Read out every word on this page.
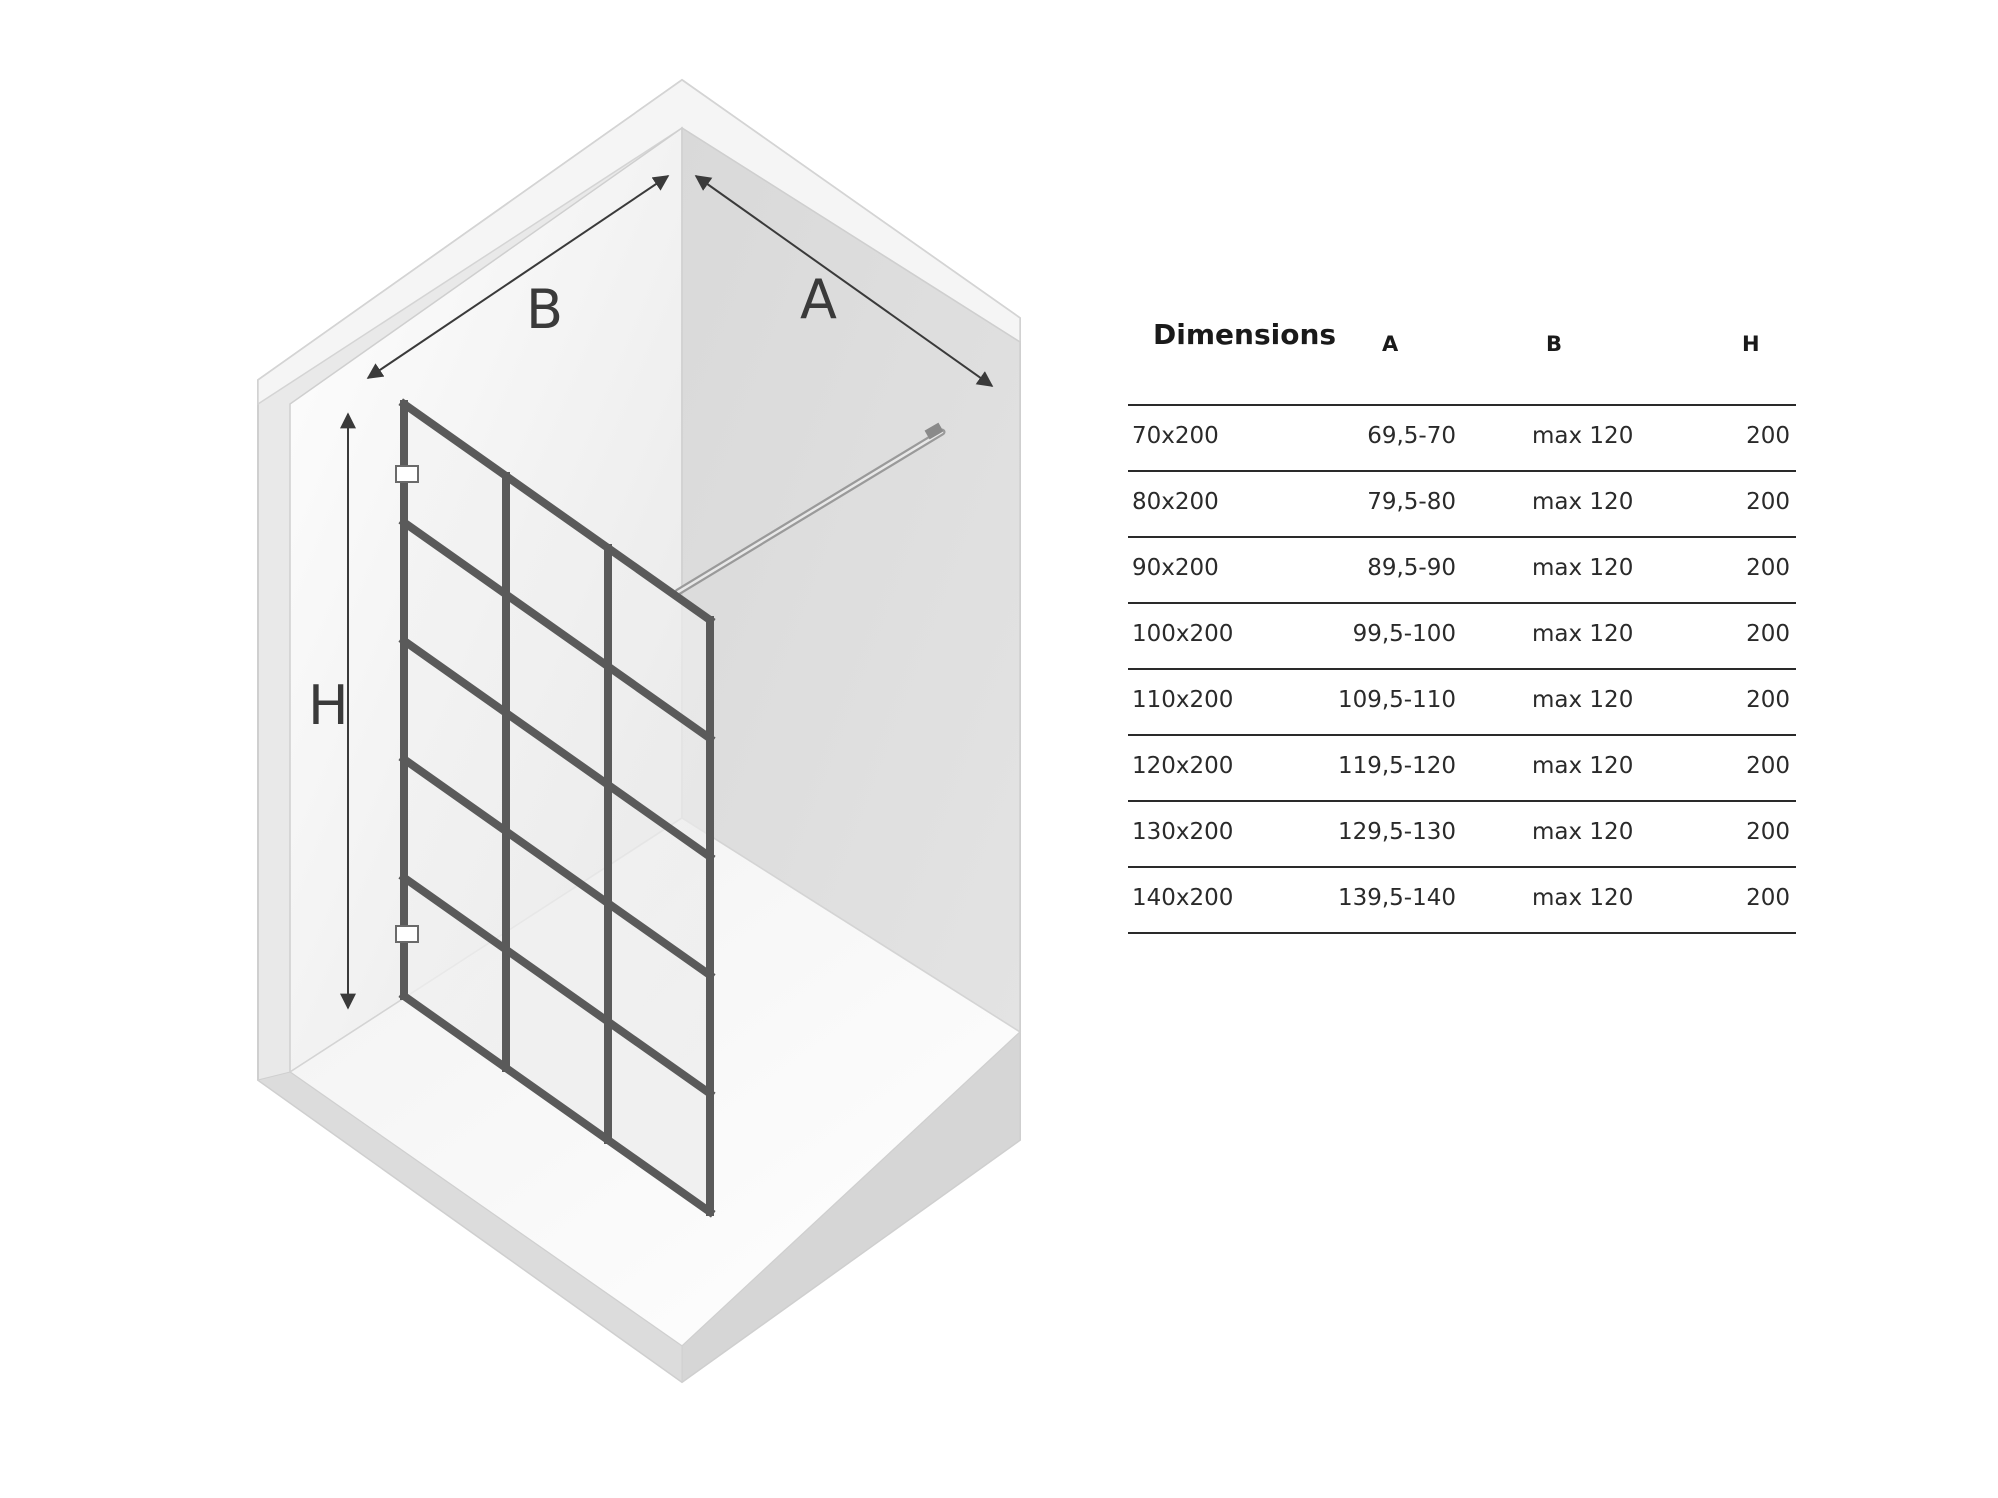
B	A
H
Dimensions A	B	H
70x200	69,5-70	max 120	200
80x200	79,5-80	max 120	200
90x200	89,5-90	max 120	200
100x200	99,5-100	max 120	200
110x200	109,5-110	max 120	200
120x200	119,5-120	max 120	200
130x200	129,5-130	max 120	200
140x200	139,5-140	max 120	200
